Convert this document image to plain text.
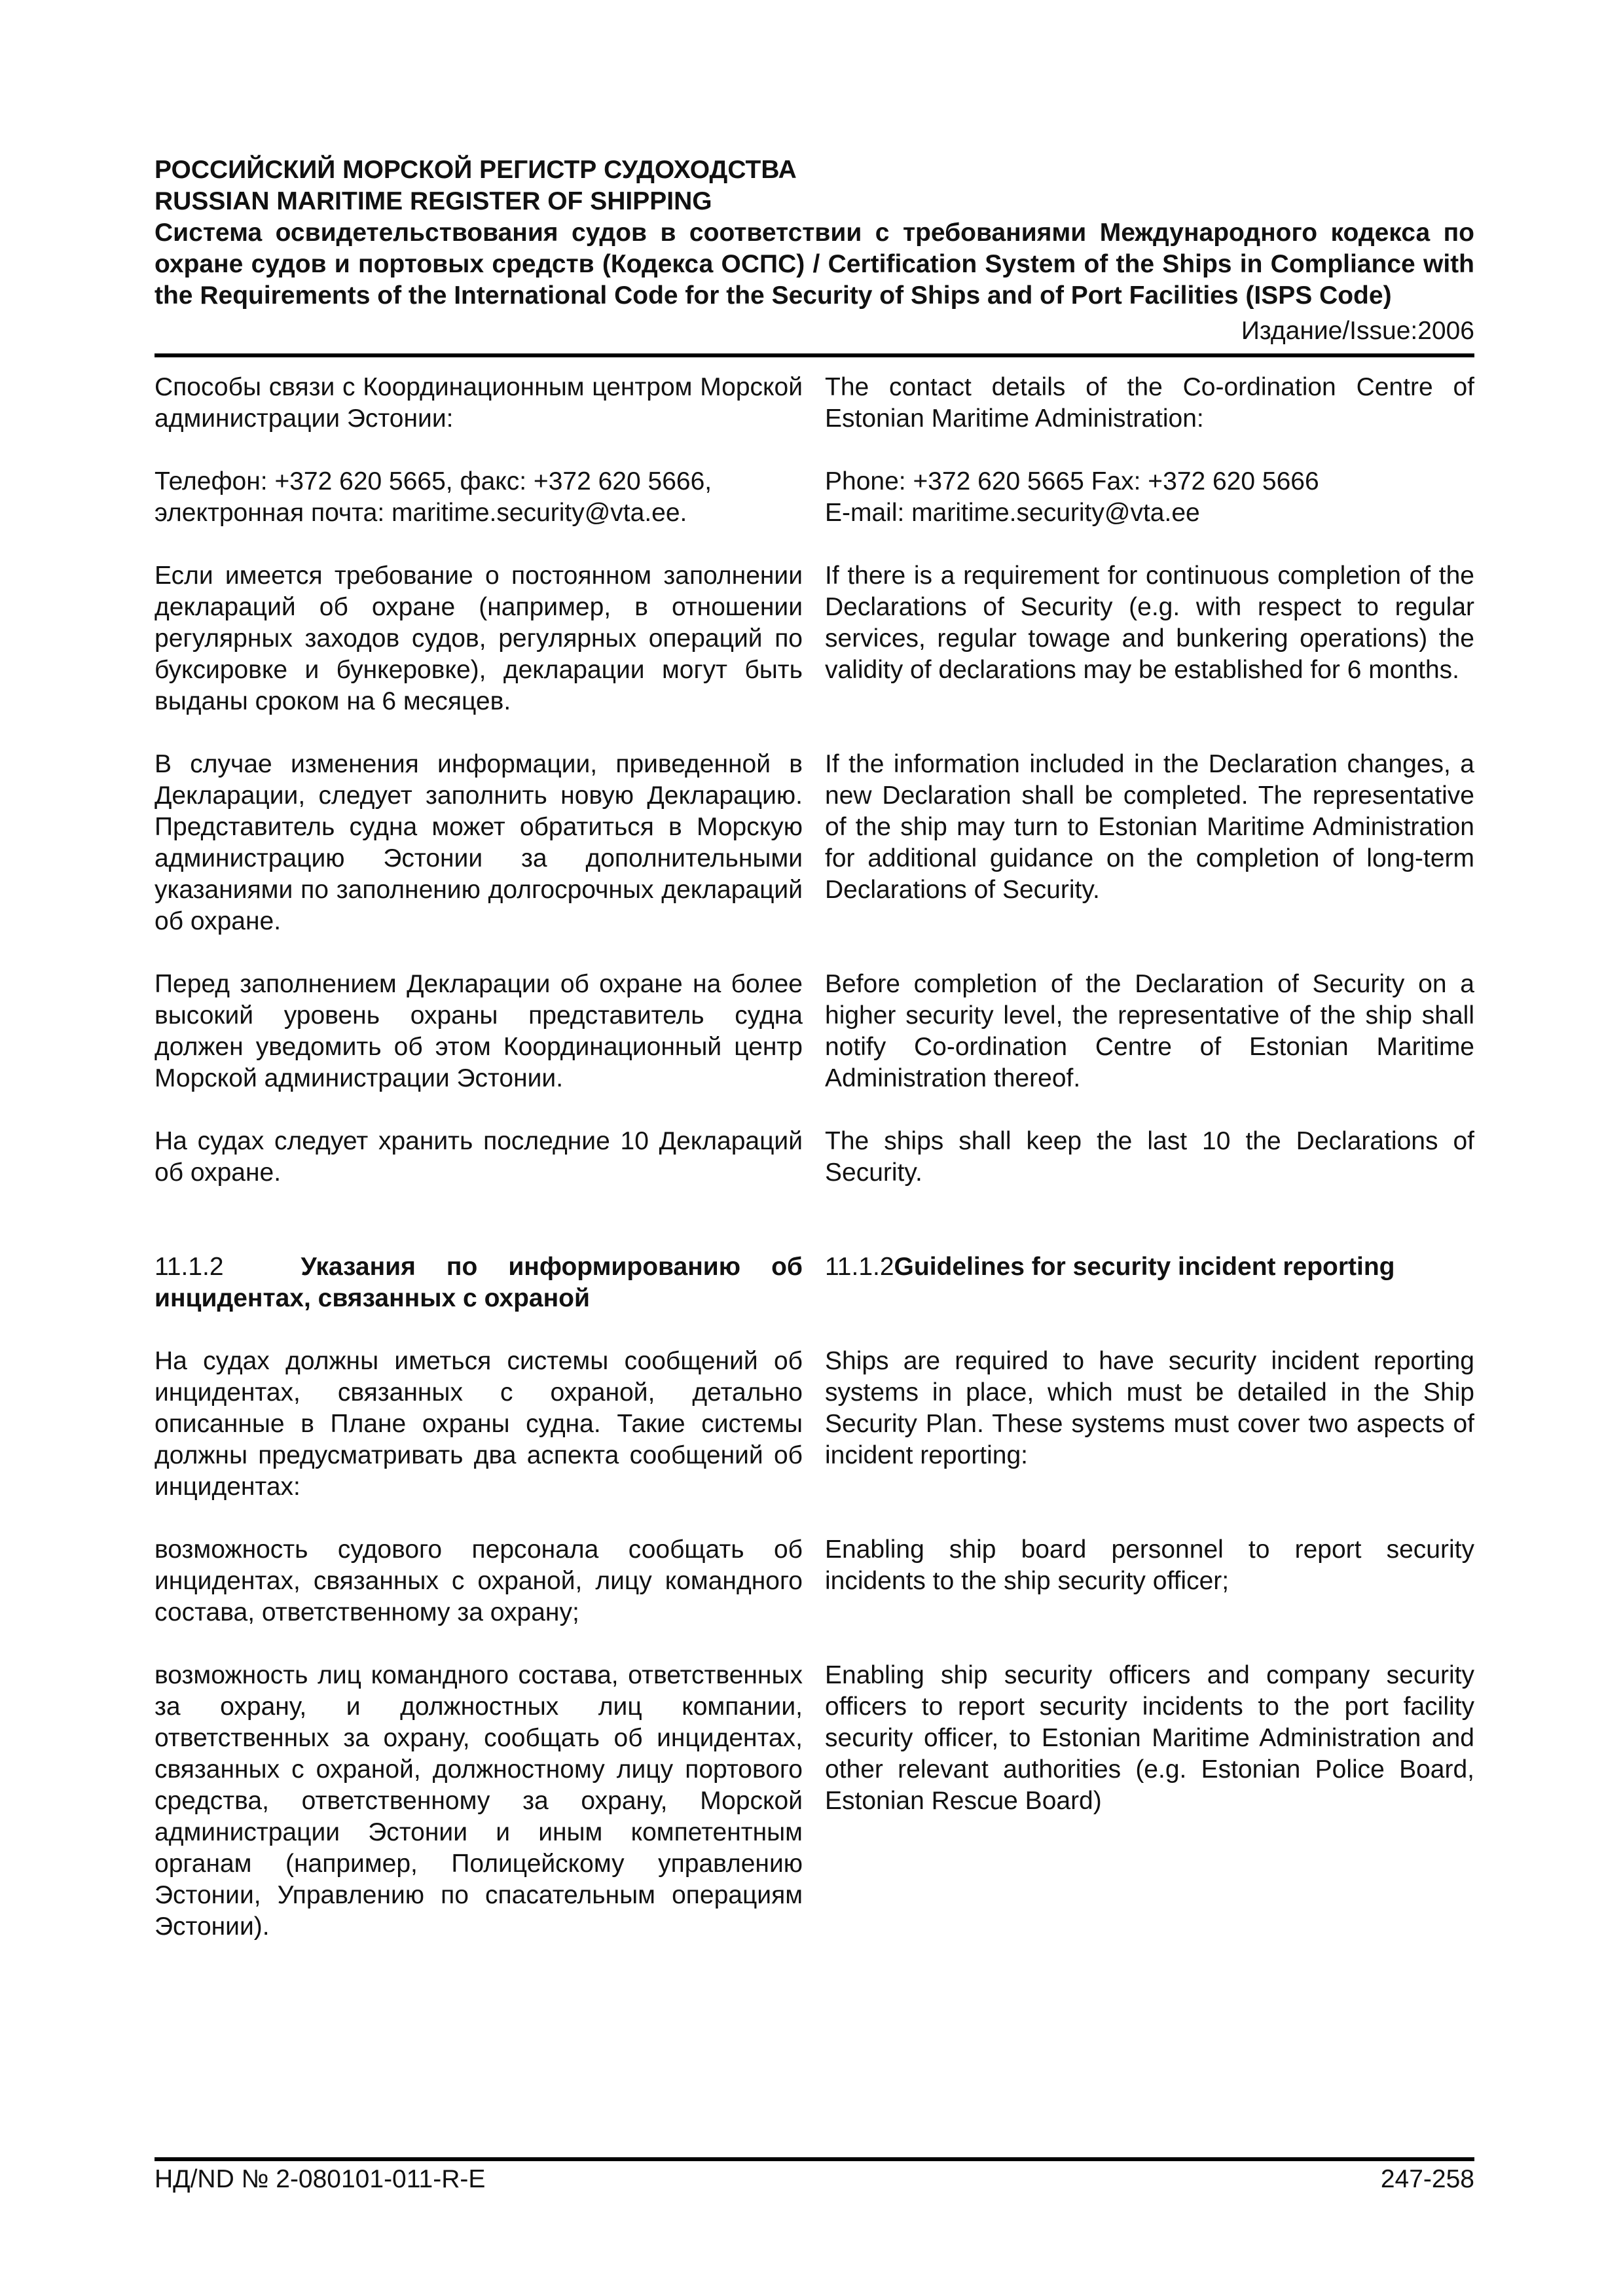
РОССИЙСКИЙ МОРСКОЙ РЕГИСТР СУДОХОДСТВА

RUSSIAN MARITIME REGISTER OF SHIPPING

Система освидетельствования судов в соответствии с требованиями Международного кодекса по охране судов и портовых средств (Кодекса ОСПС) / Certification System of the Ships in Compliance with the Requirements of the International Code for the Security of Ships and of Port Facilities (ISPS Code)

Издание/Issue:2006
Способы связи с Координационным центром Морской администрации Эстонии:
The contact details of the Co-ordination Centre of Estonian Maritime Administration:
Телефон: +372 620 5665, факс: +372 620 5666,
электронная почта: maritime.security@vta.ee.
Phone: +372 620 5665 Fax: +372 620 5666
E-mail: maritime.security@vta.ee
Если имеется требование о постоянном заполнении деклараций об охране (например, в отношении регулярных заходов судов, регулярных операций по буксировке и бункеровке), декларации могут быть выданы сроком на 6 месяцев.
If there is a requirement for continuous completion of the Declarations of Security (e.g. with respect to regular services, regular towage and bunkering operations) the validity of declarations may be established for 6 months.
В случае изменения информации, приведенной в Декларации, следует заполнить новую Декларацию. Представитель судна может обратиться в Морскую администрацию Эстонии за дополнительными указаниями по заполнению долгосрочных деклараций об охране.
If the information included in the Declaration changes, a new Declaration shall be completed. The representative of the ship may turn to Estonian Maritime Administration for additional guidance on the completion of long-term Declarations of Security.
Перед заполнением Декларации об охране на более высокий уровень охраны представитель судна должен уведомить об этом Координационный центр Морской администрации Эстонии.
Before completion of the Declaration of Security on a higher security level, the representative of the ship shall notify Co-ordination Centre of Estonian Maritime Administration thereof.
На судах следует хранить последние 10 Деклараций об охране.
The ships shall keep the last 10 the Declarations of Security.

11.1.2	Указания по информированию об инцидентах, связанных с охраной

11.1.2Guidelines for security incident reporting

На судах должны иметься системы сообщений об инцидентах, связанных с охраной, детально описанные в Плане охраны судна. Такие системы должны предусматривать два аспекта сообщений об инцидентах:
Ships are required to have security incident reporting systems in place, which must be detailed in the Ship Security Plan. These systems must cover two aspects of incident reporting:
возможность судового персонала сообщать об инцидентах, связанных с охраной, лицу командного состава, ответственному за охрану;
Enabling ship board personnel to report security incidents to the ship security officer;
возможность лиц командного состава, ответственных за охрану, и должностных лиц компании, ответственных за охрану, сообщать об инцидентах, связанных с охраной, должностному лицу портового средства, ответственному за охрану, Морской администрации Эстонии и иным компетентным органам (например, Полицейскому управлению Эстонии, Управлению по спасательным операциям Эстонии).
Enabling ship security officers and company security officers to report security incidents to the port facility security officer, to Estonian Maritime Administration and other relevant authorities (e.g. Estonian Police Board, Estonian Rescue Board)
НД/ND № 2-080101-011-R-E	247-258
